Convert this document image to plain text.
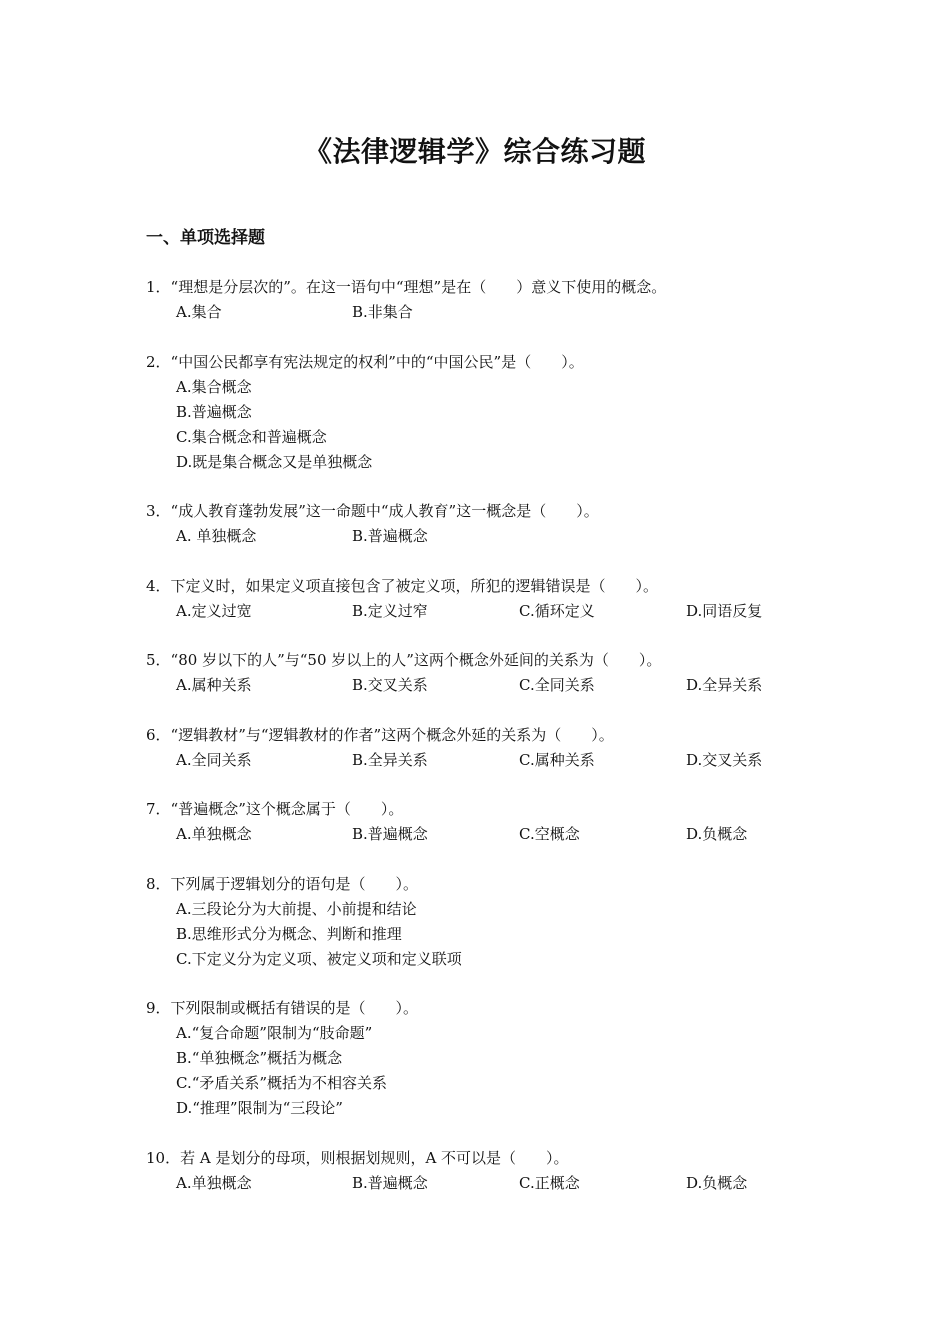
《法律逻辑学》综合练习题
一、单项选择题
1．“理想是分层次的”。在这一语句中“理想”是在（　　）意义下使用的概念。
A.集合	B.非集合
2．“中国公民都享有宪法规定的权利”中的“中国公民”是（　　）。
A.集合概念
B.普遍概念
C.集合概念和普遍概念
D.既是集合概念又是单独概念
3．“成人教育蓬勃发展”这一命题中“成人教育”这一概念是（　　）。
A. 单独概念	B.普遍概念
4．下定义时，如果定义项直接包含了被定义项，所犯的逻辑错误是（　　）。
A.定义过宽	B.定义过窄	C.循环定义	D.同语反复
5．“80 岁以下的人”与“50 岁以上的人”这两个概念外延间的关系为（　　）。
A.属种关系	B.交叉关系	C.全同关系	D.全异关系
6．“逻辑教材”与“逻辑教材的作者”这两个概念外延的关系为（　　）。
A.全同关系	B.全异关系	C.属种关系	D.交叉关系
7．“普遍概念”这个概念属于（　　）。
A.单独概念	B.普遍概念	C.空概念	D.负概念
8．下列属于逻辑划分的语句是（　　）。
A.三段论分为大前提、小前提和结论
B.思维形式分为概念、判断和推理
C.下定义分为定义项、被定义项和定义联项
9．下列限制或概括有错误的是（　　）。
A.“复合命题”限制为“肢命题”
B.“单独概念”概括为概念
C.“矛盾关系”概括为不相容关系
D.“推理”限制为“三段论”
10．若 A 是划分的母项，则根据划规则，A 不可以是（　　）。
A.单独概念	B.普遍概念	C.正概念	D.负概念
